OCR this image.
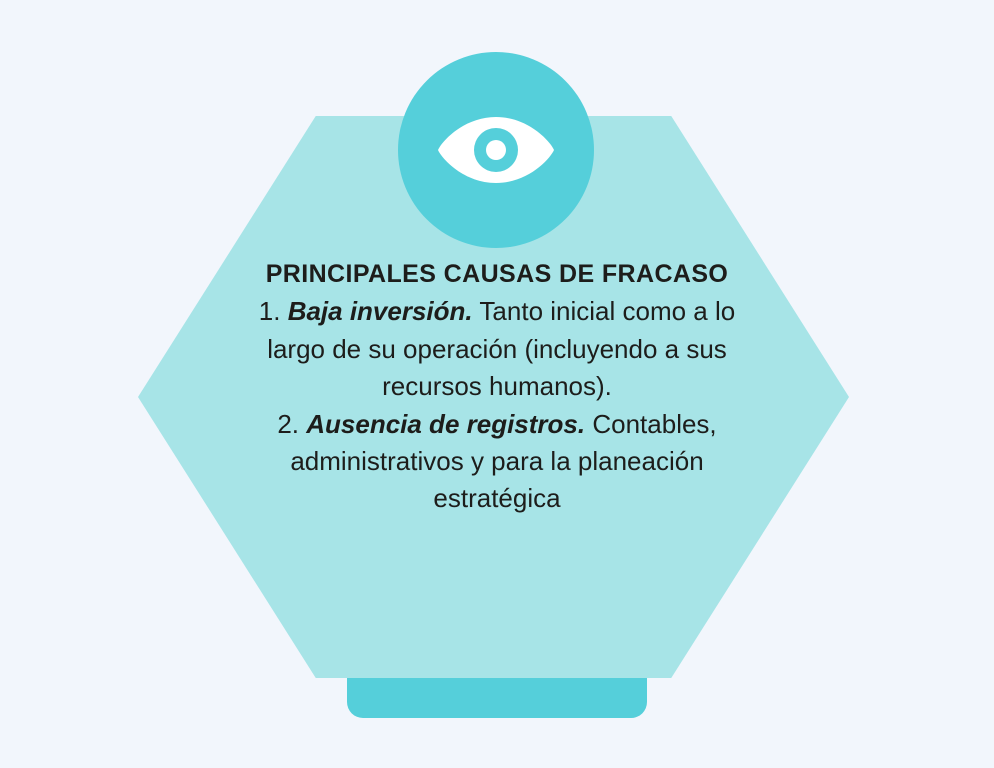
PRINCIPALES CAUSAS DE FRACASO
1. Baja inversión. Tanto inicial como a lo largo de su operación (incluyendo a sus recursos humanos).
2. Ausencia de registros. Contables, administrativos y para la planeación estratégica
